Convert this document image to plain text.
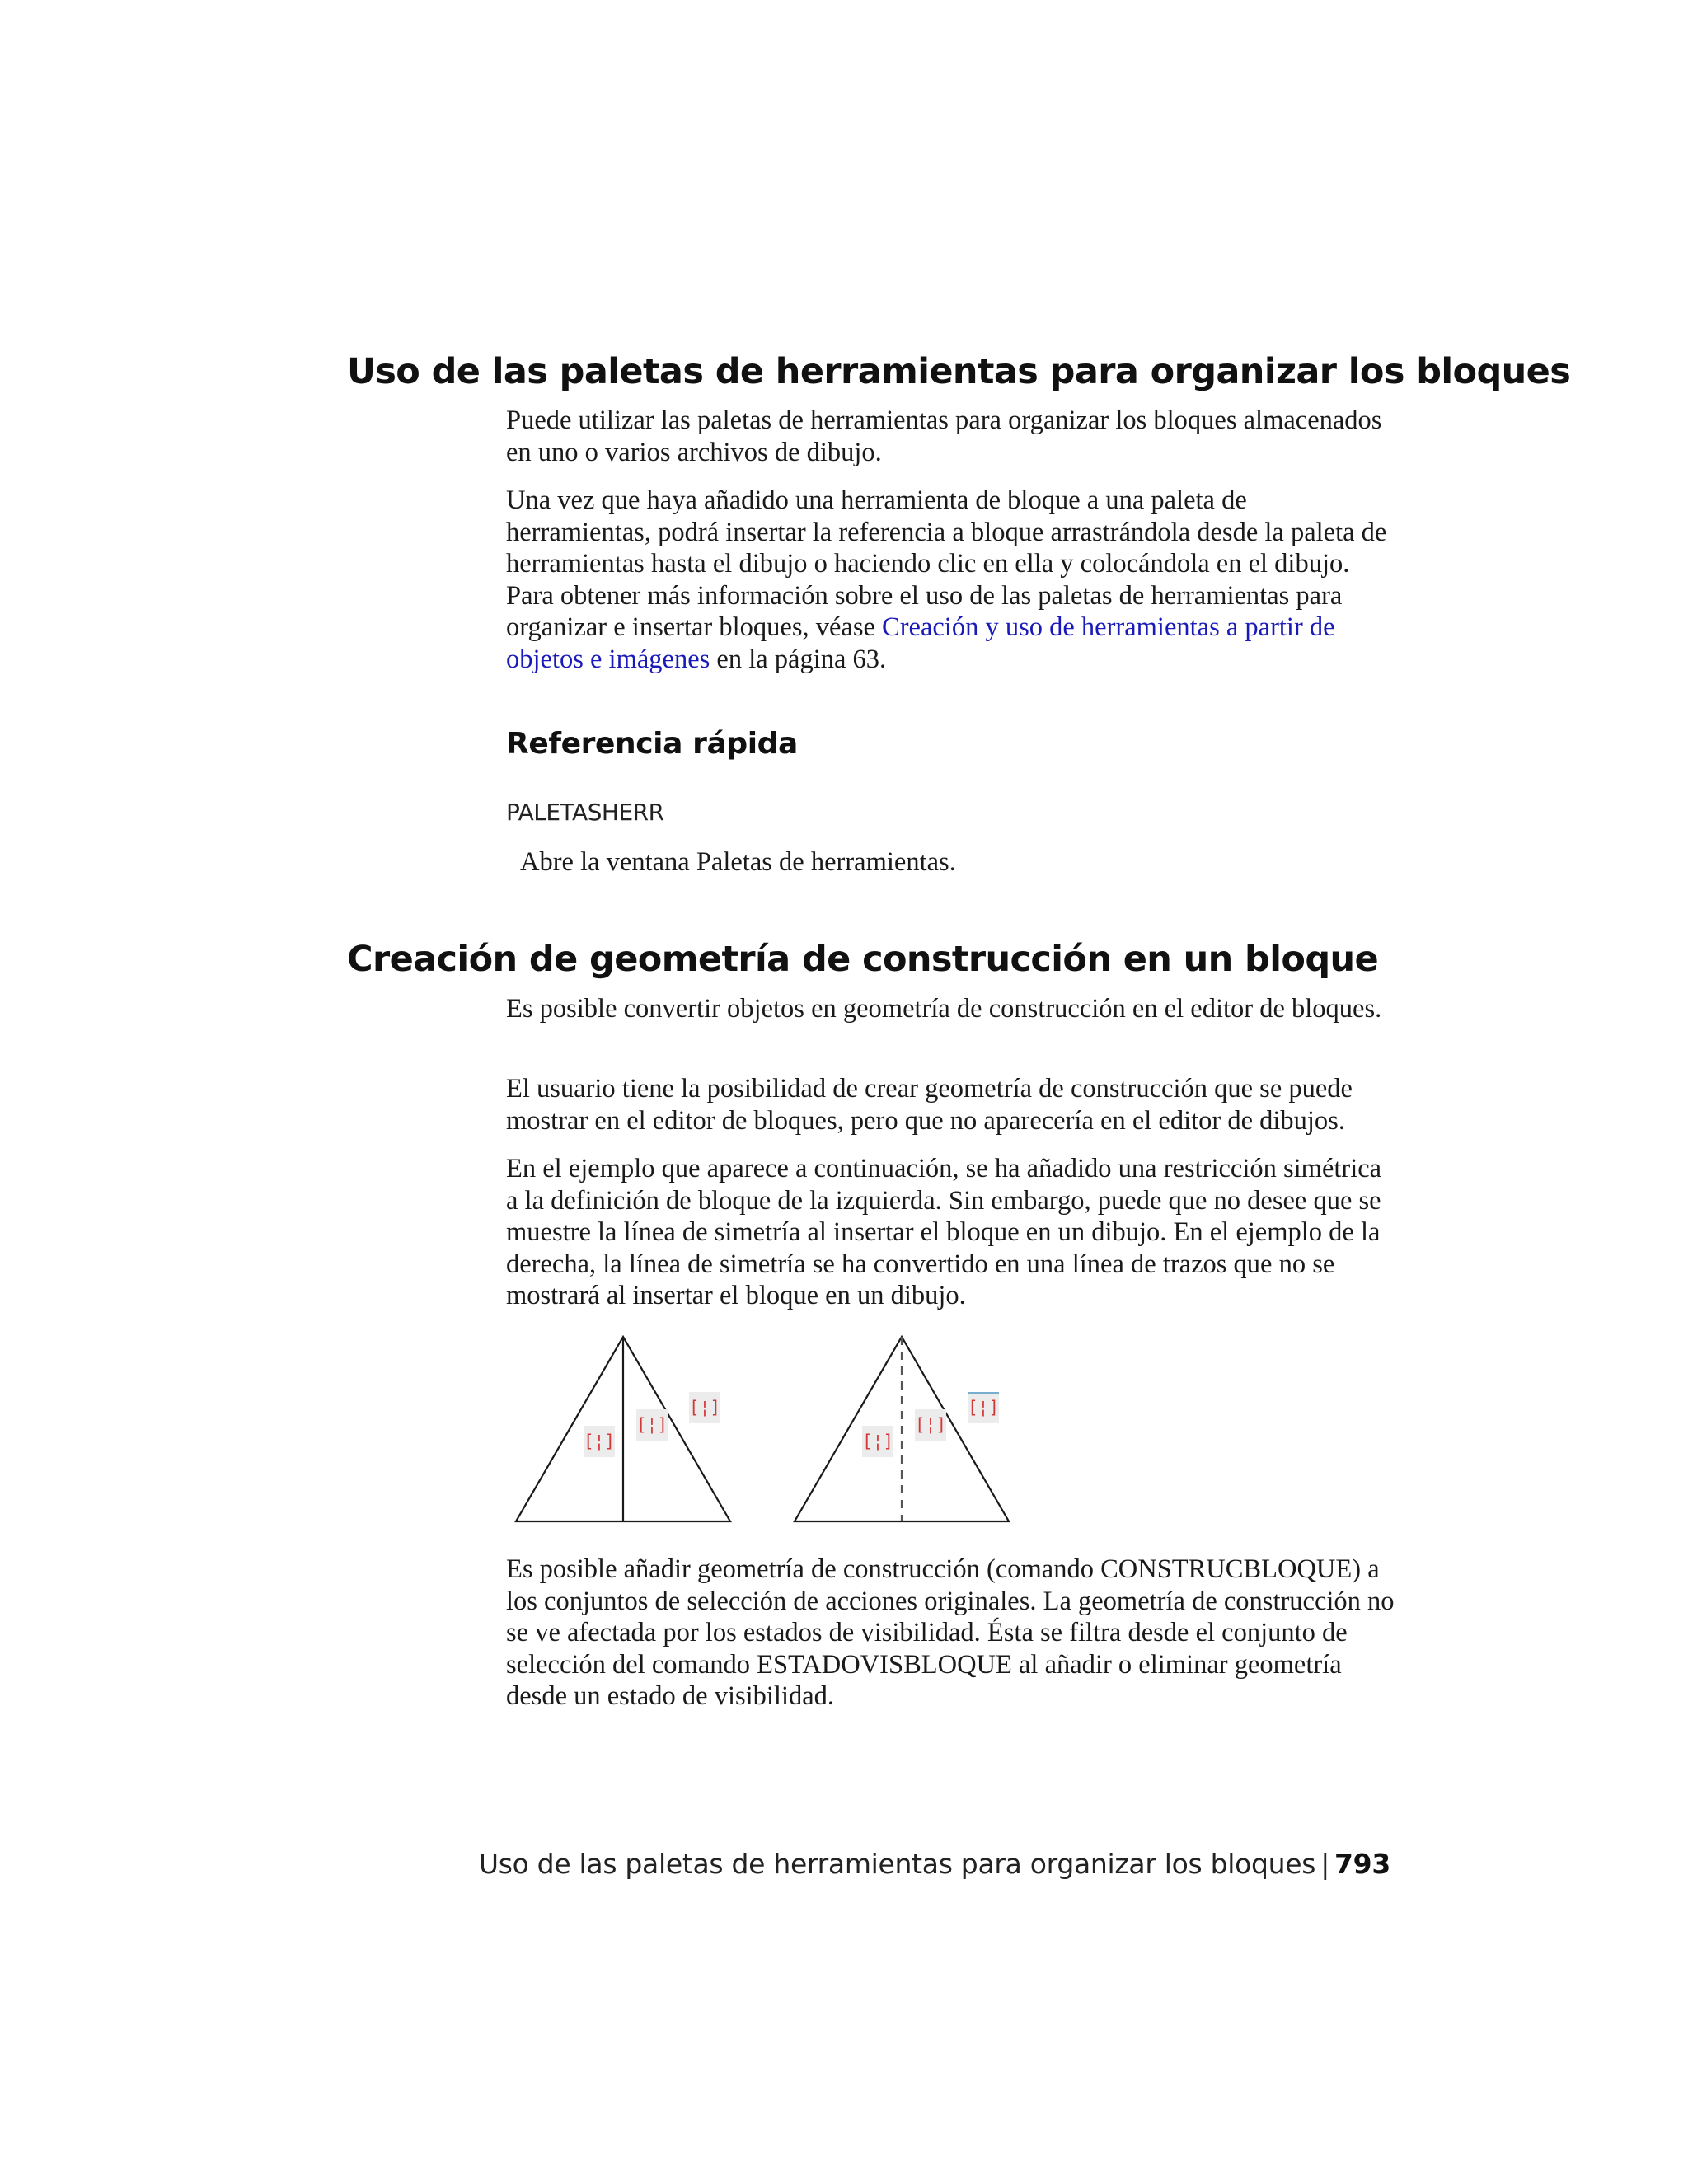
Uso de las paletas de herramientas para organizar los bloques

Puede utilizar las paletas de herramientas para organizar los bloques almacenados en uno o varios archivos de dibujo.

Una vez que haya añadido una herramienta de bloque a una paleta de herramientas, podrá insertar la referencia a bloque arrastrándola desde la paleta de herramientas hasta el dibujo o haciendo clic en ella y colocándola en el dibujo. Para obtener más información sobre el uso de las paletas de herramientas para organizar e insertar bloques, véase Creación y uso de herramientas a partir de objetos e imágenes en la página 63.

Referencia rápida

PALETASHERR

Abre la ventana Paletas de herramientas.

Creación de geometría de construcción en un bloque

Es posible convertir objetos en geometría de construcción en el editor de bloques.

El usuario tiene la posibilidad de crear geometría de construcción que se puede mostrar en el editor de bloques, pero que no aparecería en el editor de dibujos.

En el ejemplo que aparece a continuación, se ha añadido una restricción simétrica a la definición de bloque de la izquierda. Sin embargo, puede que no desee que se muestre la línea de simetría al insertar el bloque en un dibujo. En el ejemplo de la derecha, la línea de simetría se ha convertido en una línea de trazos que no se mostrará al insertar el bloque en un dibujo.

[¦]
[¦]
[¦]
[¦]
[¦]
[¦]

Es posible añadir geometría de construcción (comando CONSTRUCBLOQUE) a los conjuntos de selección de acciones originales. La geometría de construcción no se ve afectada por los estados de visibilidad. Ésta se filtra desde el conjunto de selección del comando ESTADOVISBLOQUE al añadir o eliminar geometría desde un estado de visibilidad.

Uso de las paletas de herramientas para organizar los bloques | 793
